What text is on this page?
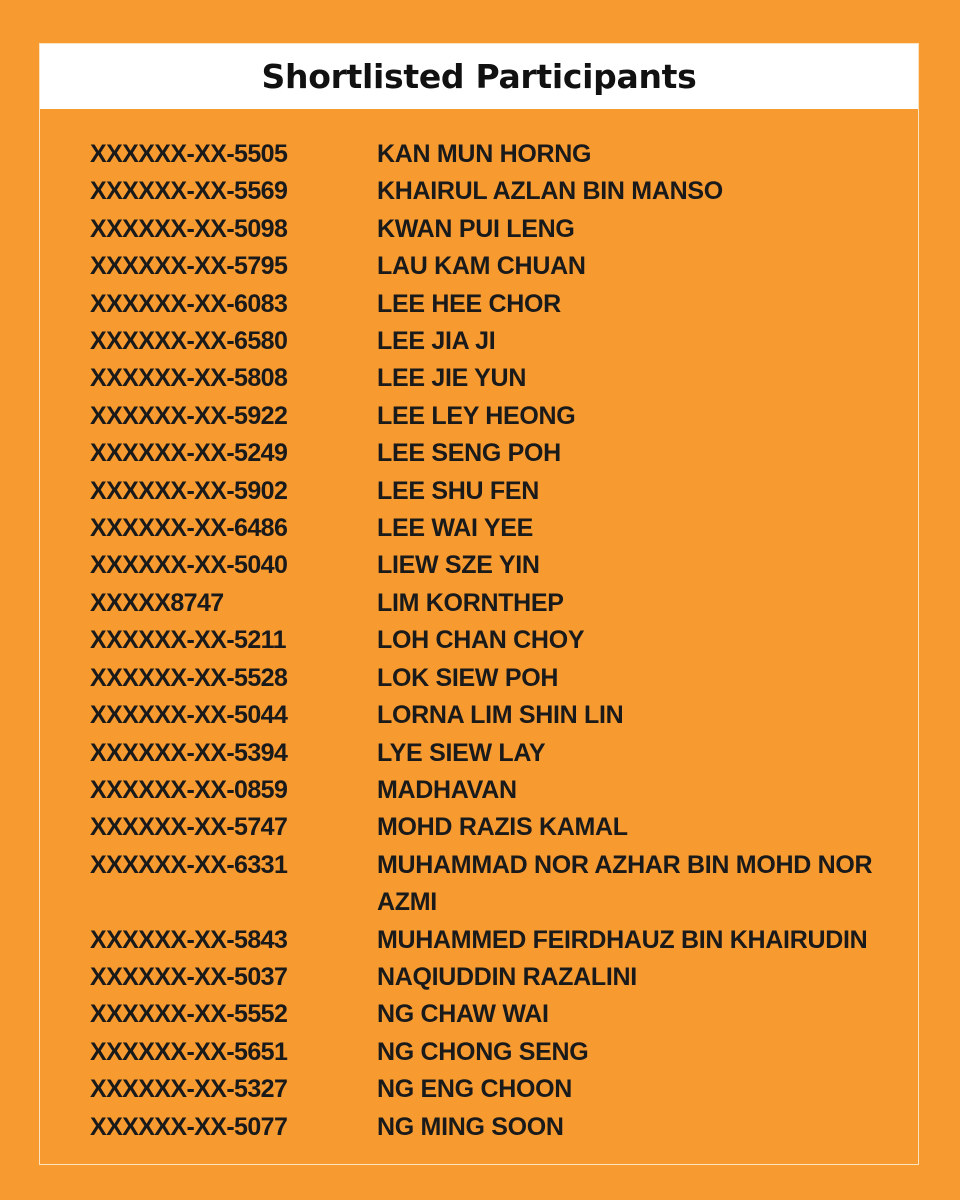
Shortlisted Participants
XXXXXX-XX-5505	KAN MUN HORNG
XXXXXX-XX-5569	KHAIRUL AZLAN BIN MANSO
XXXXXX-XX-5098	KWAN PUI LENG
XXXXXX-XX-5795	LAU KAM CHUAN
XXXXXX-XX-6083	LEE HEE CHOR
XXXXXX-XX-6580	LEE JIA JI
XXXXXX-XX-5808	LEE JIE YUN
XXXXXX-XX-5922	LEE LEY HEONG
XXXXXX-XX-5249	LEE SENG POH
XXXXXX-XX-5902	LEE SHU FEN
XXXXXX-XX-6486	LEE WAI YEE
XXXXXX-XX-5040	LIEW SZE YIN
XXXXX8747	LIM KORNTHEP
XXXXXX-XX-5211	LOH CHAN CHOY
XXXXXX-XX-5528	LOK SIEW POH
XXXXXX-XX-5044	LORNA LIM SHIN LIN
XXXXXX-XX-5394	LYE SIEW LAY
XXXXXX-XX-0859	MADHAVAN
XXXXXX-XX-5747	MOHD RAZIS KAMAL
XXXXXX-XX-6331	MUHAMMAD NOR AZHAR BIN MOHD NOR AZMI
XXXXXX-XX-5843	MUHAMMED FEIRDHAUZ BIN KHAIRUDIN
XXXXXX-XX-5037	NAQIUDDIN RAZALINI
XXXXXX-XX-5552	NG CHAW WAI
XXXXXX-XX-5651	NG CHONG SENG
XXXXXX-XX-5327	NG ENG CHOON
XXXXXX-XX-5077	NG MING SOON
